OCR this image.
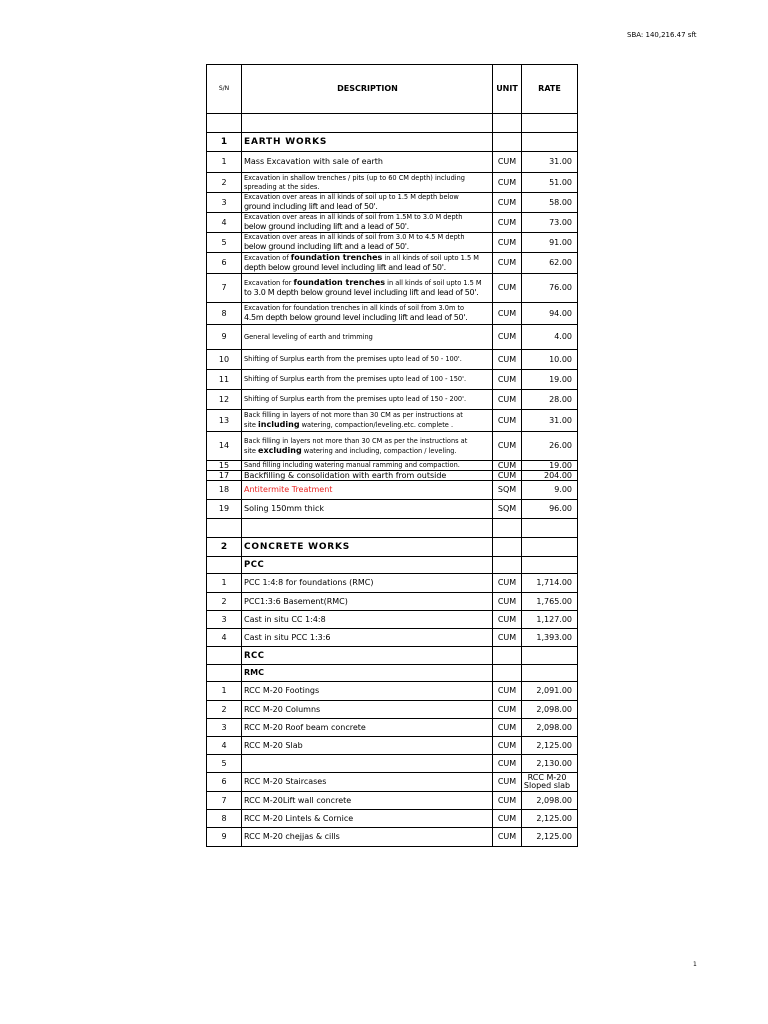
SBA: 140,216.47 sft
S/N	DESCRIPTION	UNIT	RATE

1	EARTH WORKS		
1	Mass Excavation with sale of earth	CUM	31.00
2	Excavation in shallow trenches / pits (up to 60 CM depth) including spreading at the sides.	CUM	51.00
3	Excavation over areas in all kinds of soil up to 1.5 M depth below
ground including lift and lead of 50'.	CUM	58.00
4	Excavation over areas in all kinds of soil from 1.5M to 3.0 M depth
below ground including lift and a lead of 50'.	CUM	73.00
5	Excavation over areas in all kinds of soil from 3.0 M to 4.5 M depth
below ground including lift and a lead of 50'.	CUM	91.00
6	Excavation of foundation trenches in all kinds of soil upto 1.5 M
depth below ground level including lift and lead of 50'.	CUM	62.00
7	Excavation for foundation trenches in all kinds of soil upto 1.5 M
to 3.0 M depth below ground level including lift and lead of 50'.	CUM	76.00
8	Excavation for foundation trenches in all kinds of soil from 3.0m to
4.5m depth below ground level including lift and lead of 50'.	CUM	94.00
9	General leveling of earth and trimming	CUM	4.00
10	Shifting of Surplus earth from the premises upto lead of 50 - 100'.	CUM	10.00
11	Shifting of Surplus earth from the premises upto lead of 100 - 150'.	CUM	19.00
12	Shifting of Surplus earth from the premises upto lead of 150 - 200'.	CUM	28.00
13	Back filling in layers of not more than 30 CM as per instructions at
site including watering, compaction/leveling.etc. complete .	CUM	31.00
14	Back filling in layers not more than 30 CM as per the instructions at
site excluding watering and including, compaction / leveling.	CUM	26.00
15	Sand filling including watering manual ramming and compaction.	CUM	19.00
17	Backfilling & consolidation with earth from outside	CUM	204.00
18	Antitermite Treatment	SQM	9.00
19	Soling 150mm thick	SQM	96.00

2	CONCRETE WORKS		
	PCC		
1	PCC 1:4:8 for foundations (RMC)	CUM	1,714.00
2	PCC1:3:6 Basement(RMC)	CUM	1,765.00
3	Cast in situ CC 1:4:8	CUM	1,127.00
4	Cast in situ PCC 1:3:6	CUM	1,393.00
	RCC		
	RMC		
1	RCC M-20 Footings	CUM	2,091.00
2	RCC M-20 Columns	CUM	2,098.00
3	RCC M-20 Roof beam concrete	CUM	2,098.00
4	RCC M-20 Slab	CUM	2,125.00
5		CUM	2,130.00
6	RCC M-20 Staircases	CUM	RCC M-20 Sloped slab
7	RCC M-20Lift wall concrete	CUM	2,098.00
8	RCC M-20 Lintels & Cornice	CUM	2,125.00
9	RCC M-20 chejjas & cills	CUM	2,125.00
1
